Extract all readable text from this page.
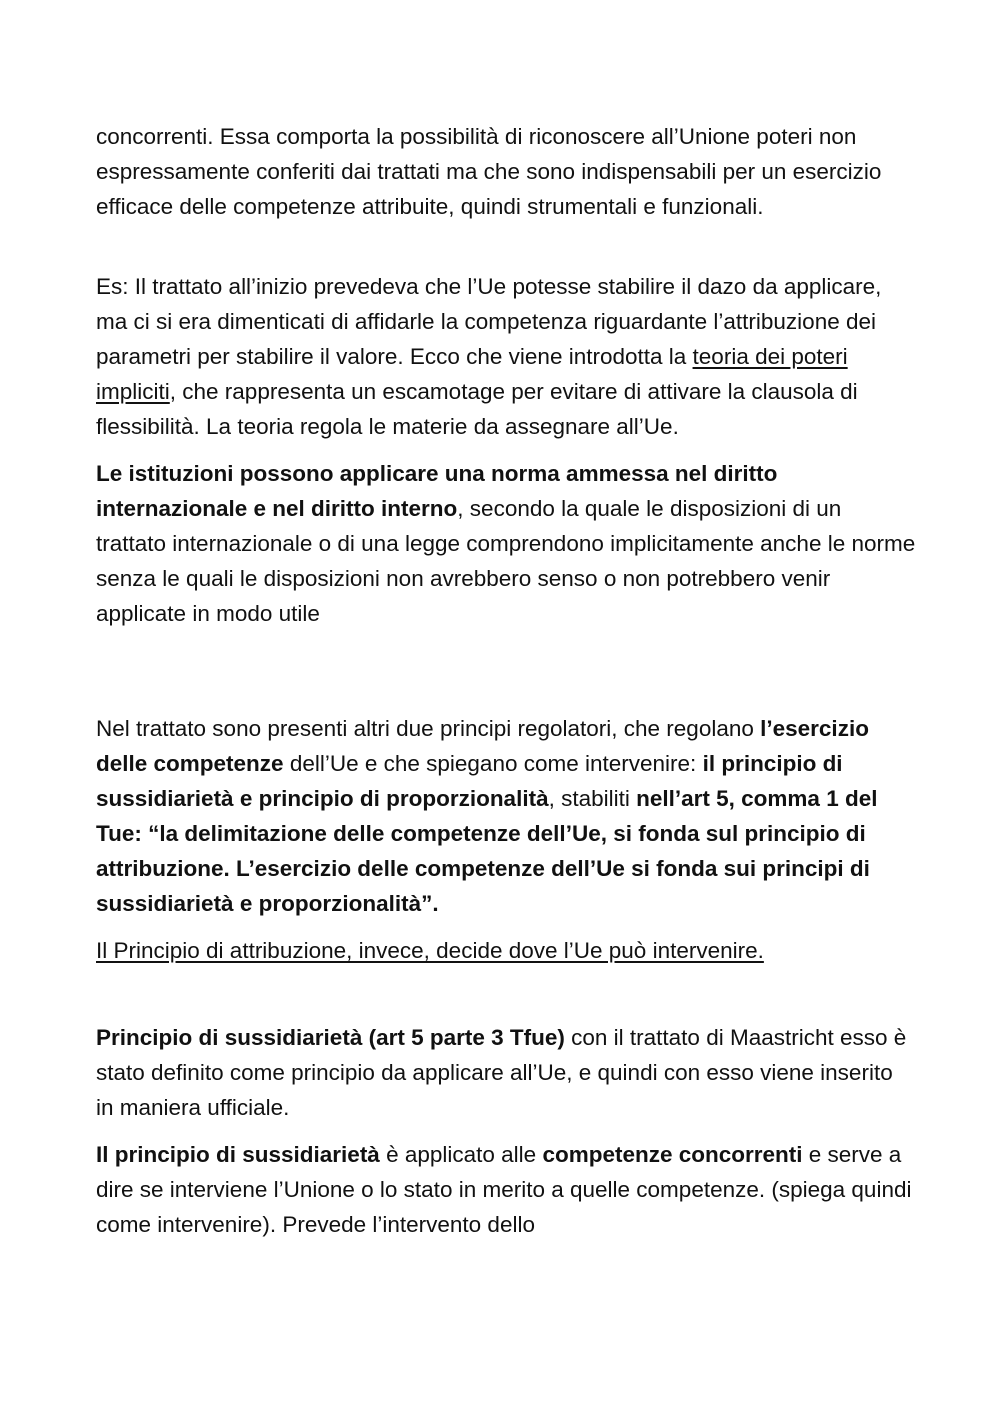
concorrenti. Essa comporta la possibilità di riconoscere all’Unione poteri non espressamente conferiti dai trattati ma che sono indispensabili per un esercizio efficace delle competenze attribuite, quindi strumentali e funzionali.

Es: Il trattato all’inizio prevedeva che l’Ue potesse stabilire il dazo da applicare, ma ci si era dimenticati di affidarle la competenza riguardante l’attribuzione dei parametri per stabilire il valore. Ecco che viene introdotta la teoria dei poteri impliciti, che rappresenta un escamotage per evitare di attivare la clausola di flessibilità. La teoria regola le materie da assegnare all’Ue.

Le istituzioni possono applicare una norma ammessa nel diritto internazionale e nel diritto interno, secondo la quale le disposizioni di un trattato internazionale o di una legge comprendono implicitamente anche le norme senza le quali le disposizioni non avrebbero senso o non potrebbero venir applicate in modo utile

Nel trattato sono presenti altri due principi regolatori, che regolano l’esercizio delle competenze dell’Ue e che spiegano come intervenire: il principio di sussidiarietà e principio di proporzionalità, stabiliti nell’art 5, comma 1 del Tue: “la delimitazione delle competenze dell’Ue, si fonda sul principio di attribuzione. L’esercizio delle competenze dell’Ue si fonda sui principi di sussidiarietà e proporzionalità”.

Il Principio di attribuzione, invece, decide dove l’Ue può intervenire.

Principio di sussidiarietà (art 5 parte 3 Tfue) con il trattato di Maastricht esso è stato definito come principio da applicare all’Ue, e quindi con esso viene inserito in maniera ufficiale.

Il principio di sussidiarietà è applicato alle competenze concorrenti e serve a dire se interviene l’Unione o lo stato in merito a quelle competenze. (spiega quindi come intervenire). Prevede l’intervento dello
